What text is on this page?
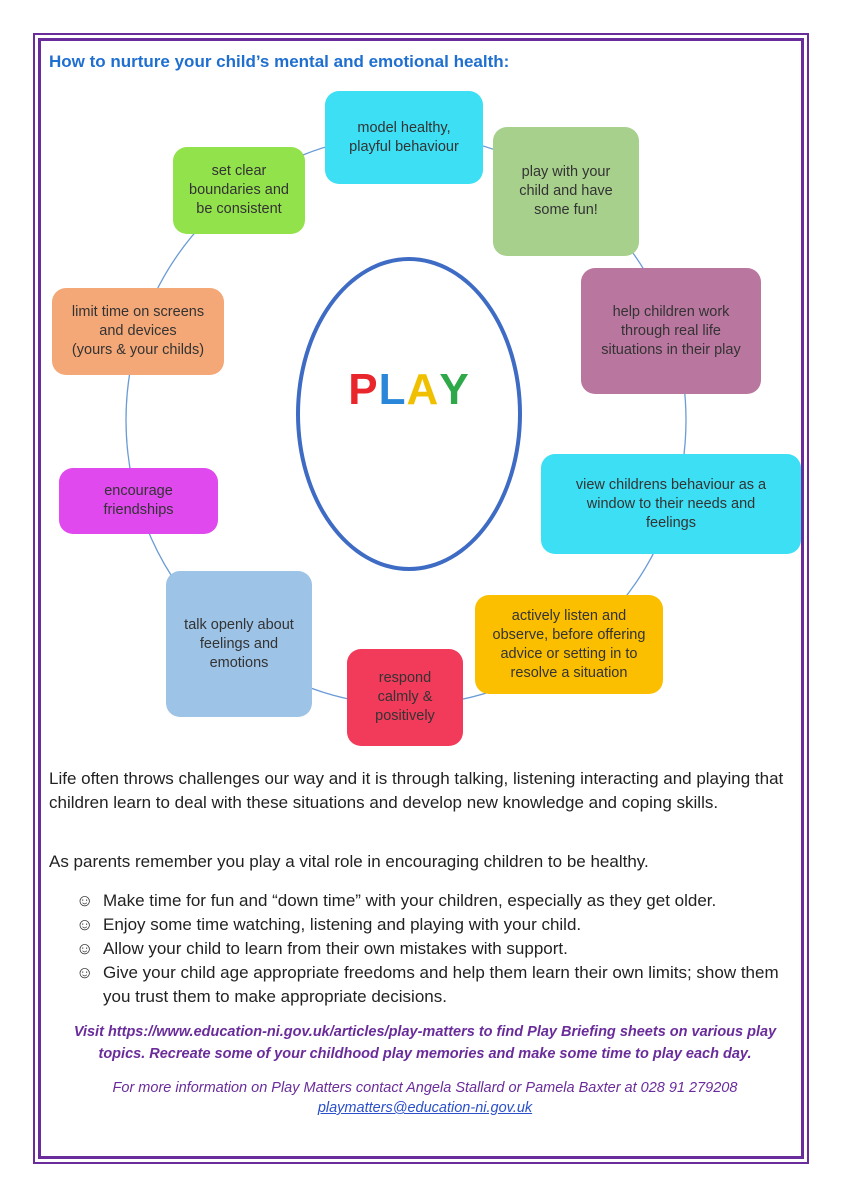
How to nurture your child’s mental and emotional health:
model healthy,
playful behaviour
play with your
child and have
some fun!
help children work
through real life
situations in their play
view childrens behaviour as a
window to their needs and
feelings
actively listen and
observe, before offering
advice or setting in to
resolve a situation
respond
calmly &
positively
talk openly about
feelings and
emotions
encourage
friendships
limit time on screens
and devices
(yours & your childs)
set clear
boundaries and
be consistent
PLAY
Life often throws challenges our way and it is through talking, listening interacting and playing that children learn to deal with these situations and develop new knowledge and coping skills.
As parents remember you play a vital role in encouraging children to be healthy.
☺ Make time for fun and “down time” with your children, especially as they get older.
☺ Enjoy some time watching, listening and playing with your child.
☺ Allow your child to learn from their own mistakes with support.
☺ Give your child age appropriate freedoms and help them learn their own limits; show them you trust them to make appropriate decisions.
Visit https://www.education-ni.gov.uk/articles/play-matters to find Play Briefing sheets on various play topics. Recreate some of your childhood play memories and make some time to play each day.
For more information on Play Matters contact Angela Stallard or Pamela Baxter at 028 91 279208
playmatters@education-ni.gov.uk
